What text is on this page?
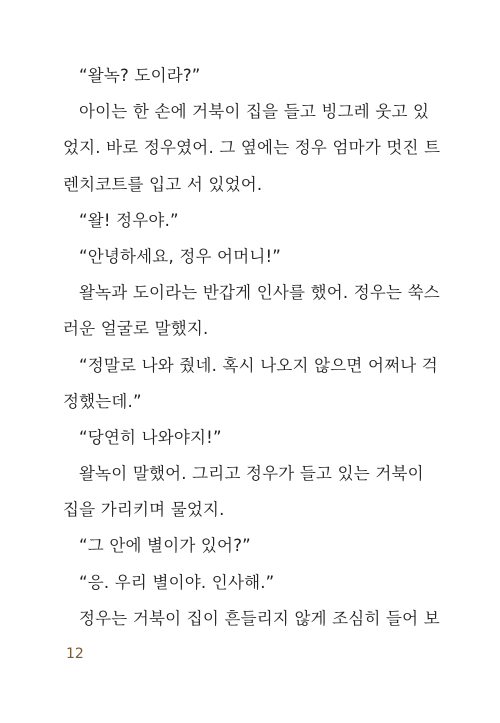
“왈녹? 도이라?”
아이는 한 손에 거북이 집을 들고 빙그레 웃고 있
었지. 바로 정우였어. 그 옆에는 정우 엄마가 멋진 트
렌치코트를 입고 서 있었어.
“왈! 정우야.”
“안녕하세요, 정우 어머니!”
왈녹과 도이라는 반갑게 인사를 했어. 정우는 쑥스
러운 얼굴로 말했지.
“정말로 나와 줬네. 혹시 나오지 않으면 어쩌나 걱
정했는데.”
“당연히 나와야지!”
왈녹이 말했어. 그리고 정우가 들고 있는 거북이
집을 가리키며 물었지.
“그 안에 별이가 있어?”
“응. 우리 별이야. 인사해.”
정우는 거북이 집이 흔들리지 않게 조심히 들어 보
12
